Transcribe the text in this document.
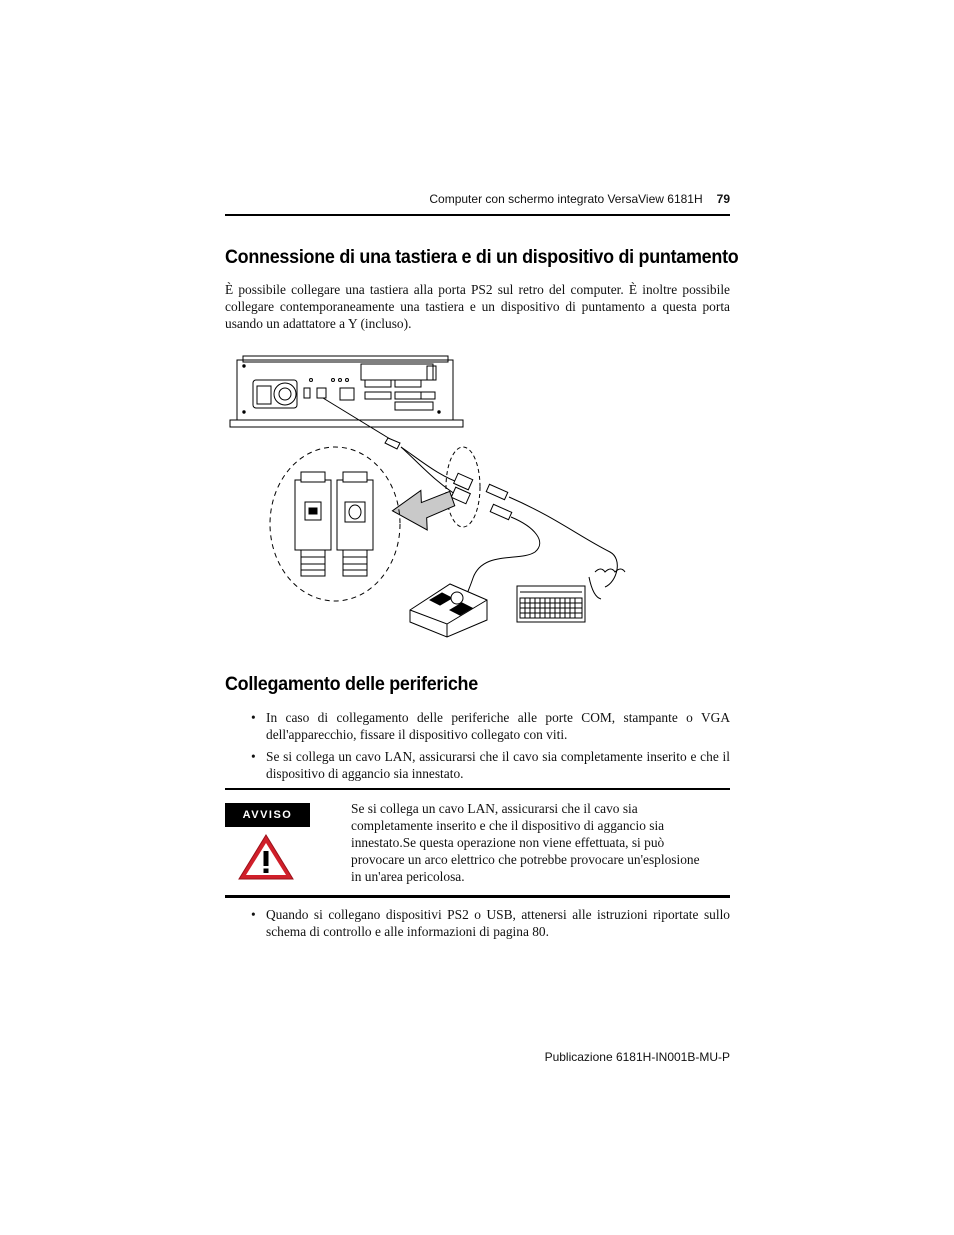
Computer con schermo integrato VersaView 6181H 79
Connessione di una tastiera e di un dispositivo di puntamento

È possibile collegare una tastiera alla porta PS2 sul retro del computer. È inoltre possibile collegare contemporaneamente una tastiera e un dispositivo di puntamento a questa porta usando un adattatore a Y (incluso).

Collegamento delle periferiche
• In caso di collegamento delle periferiche alle porte COM, stampante o VGA dell'apparecchio, fissare il dispositivo collegato con viti.
• Se si collega un cavo LAN, assicurarsi che il cavo sia completamente inserito e che il dispositivo di aggancio sia innestato.
AVVISO	Se si collega un cavo LAN, assicurarsi che il cavo sia completamente inserito e che il dispositivo di aggancio sia innestato.Se questa operazione non viene effettuata, si può provocare un arco elettrico che potrebbe provocare un'esplosione in un'area pericolosa.

• Quando si collegano dispositivi PS2 o USB, attenersi alle istruzioni riportate sullo schema di controllo e alle informazioni di pagina 80.
Publicazione 6181H-IN001B-MU-P
